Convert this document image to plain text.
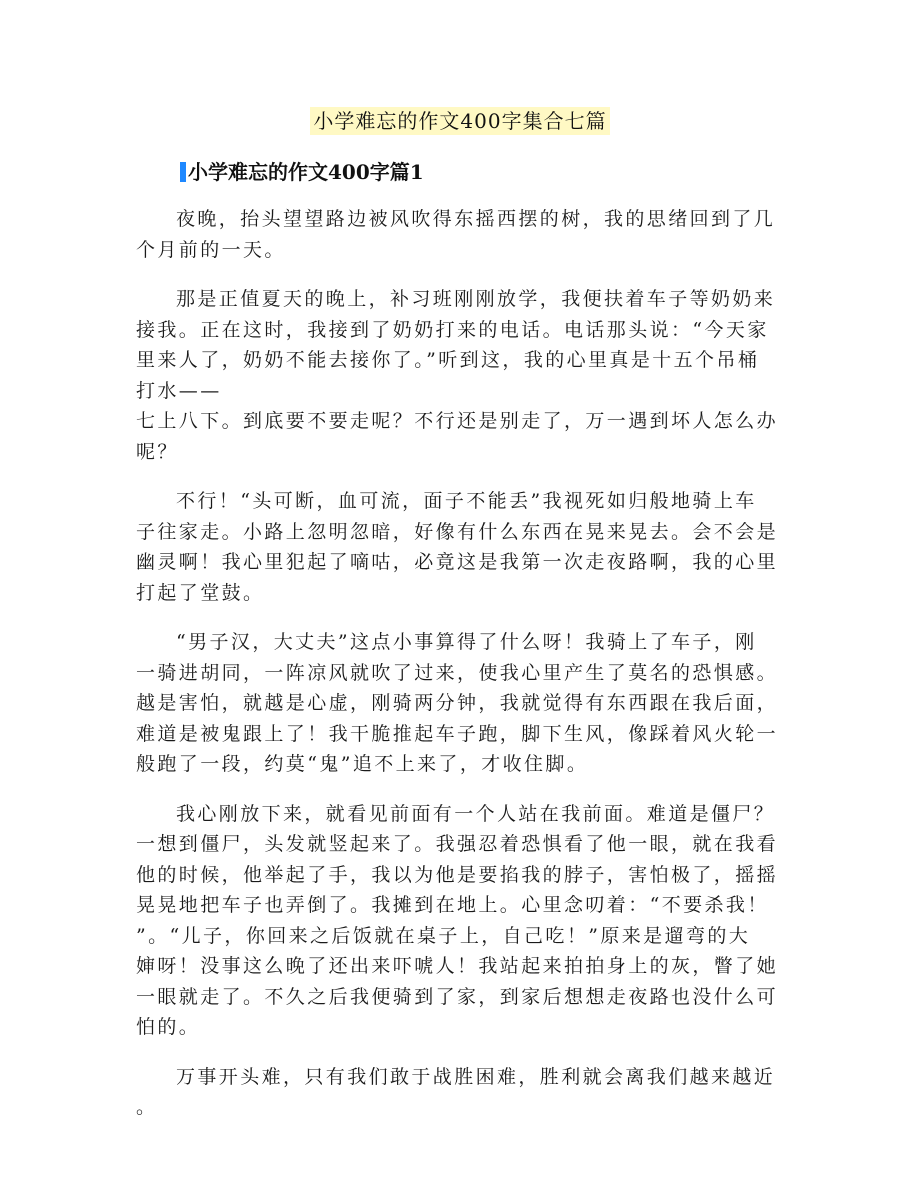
小学难忘的作文400字集合七篇
小学难忘的作文400字篇1

夜晚，抬头望望路边被风吹得东摇西摆的树，我的思绪回到了几
个月前的一天。

那是正值夏天的晚上，补习班刚刚放学，我便扶着车子等奶奶来
接我。正在这时，我接到了奶奶打来的电话。电话那头说：“今天家
里来人了，奶奶不能去接你了。”听到这，我的心里真是十五个吊桶
打水——
七上八下。到底要不要走呢？不行还是别走了，万一遇到坏人怎么办
呢？

不行！“头可断，血可流，面子不能丢”我视死如归般地骑上车
子往家走。小路上忽明忽暗，好像有什么东西在晃来晃去。会不会是
幽灵啊！我心里犯起了嘀咕，必竟这是我第一次走夜路啊，我的心里
打起了堂鼓。

“男子汉，大丈夫”这点小事算得了什么呀！我骑上了车子，刚
一骑进胡同，一阵凉风就吹了过来，使我心里产生了莫名的恐惧感。
越是害怕，就越是心虚，刚骑两分钟，我就觉得有东西跟在我后面，
难道是被鬼跟上了！我干脆推起车子跑，脚下生风，像踩着风火轮一
般跑了一段，约莫“鬼”追不上来了，才收住脚。

我心刚放下来，就看见前面有一个人站在我前面。难道是僵尸？
一想到僵尸，头发就竖起来了。我强忍着恐惧看了他一眼，就在我看
他的时候，他举起了手，我以为他是要掐我的脖子，害怕极了，摇摇
晃晃地把车子也弄倒了。我摊到在地上。心里念叨着：“不要杀我！
”。“儿子，你回来之后饭就在桌子上，自己吃！”原来是遛弯的大
婶呀！没事这么晚了还出来吓唬人！我站起来拍拍身上的灰，瞥了她
一眼就走了。不久之后我便骑到了家，到家后想想走夜路也没什么可
怕的。

万事开头难，只有我们敢于战胜困难，胜利就会离我们越来越近
。
